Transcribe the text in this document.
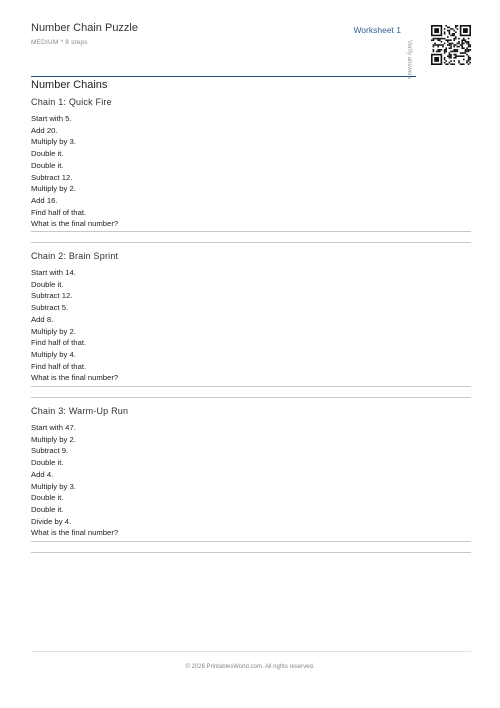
Number Chain Puzzle
MEDIUM * 8 steps
Worksheet 1
Verify answers
Number Chains
Chain 1: Quick Fire
Start with 5.
Add 20.
Multiply by 3.
Double it.
Double it.
Subtract 12.
Multiply by 2.
Add 16.
Find half of that.
What is the final number?
Chain 2: Brain Sprint
Start with 14.
Double it.
Subtract 12.
Subtract 5.
Add 8.
Multiply by 2.
Find half of that.
Multiply by 4.
Find half of that.
What is the final number?
Chain 3: Warm-Up Run
Start with 47.
Multiply by 2.
Subtract 9.
Double it.
Add 4.
Multiply by 3.
Double it.
Double it.
Divide by 4.
What is the final number?
© 2026 PrintablesWorld.com. All rights reserved.
